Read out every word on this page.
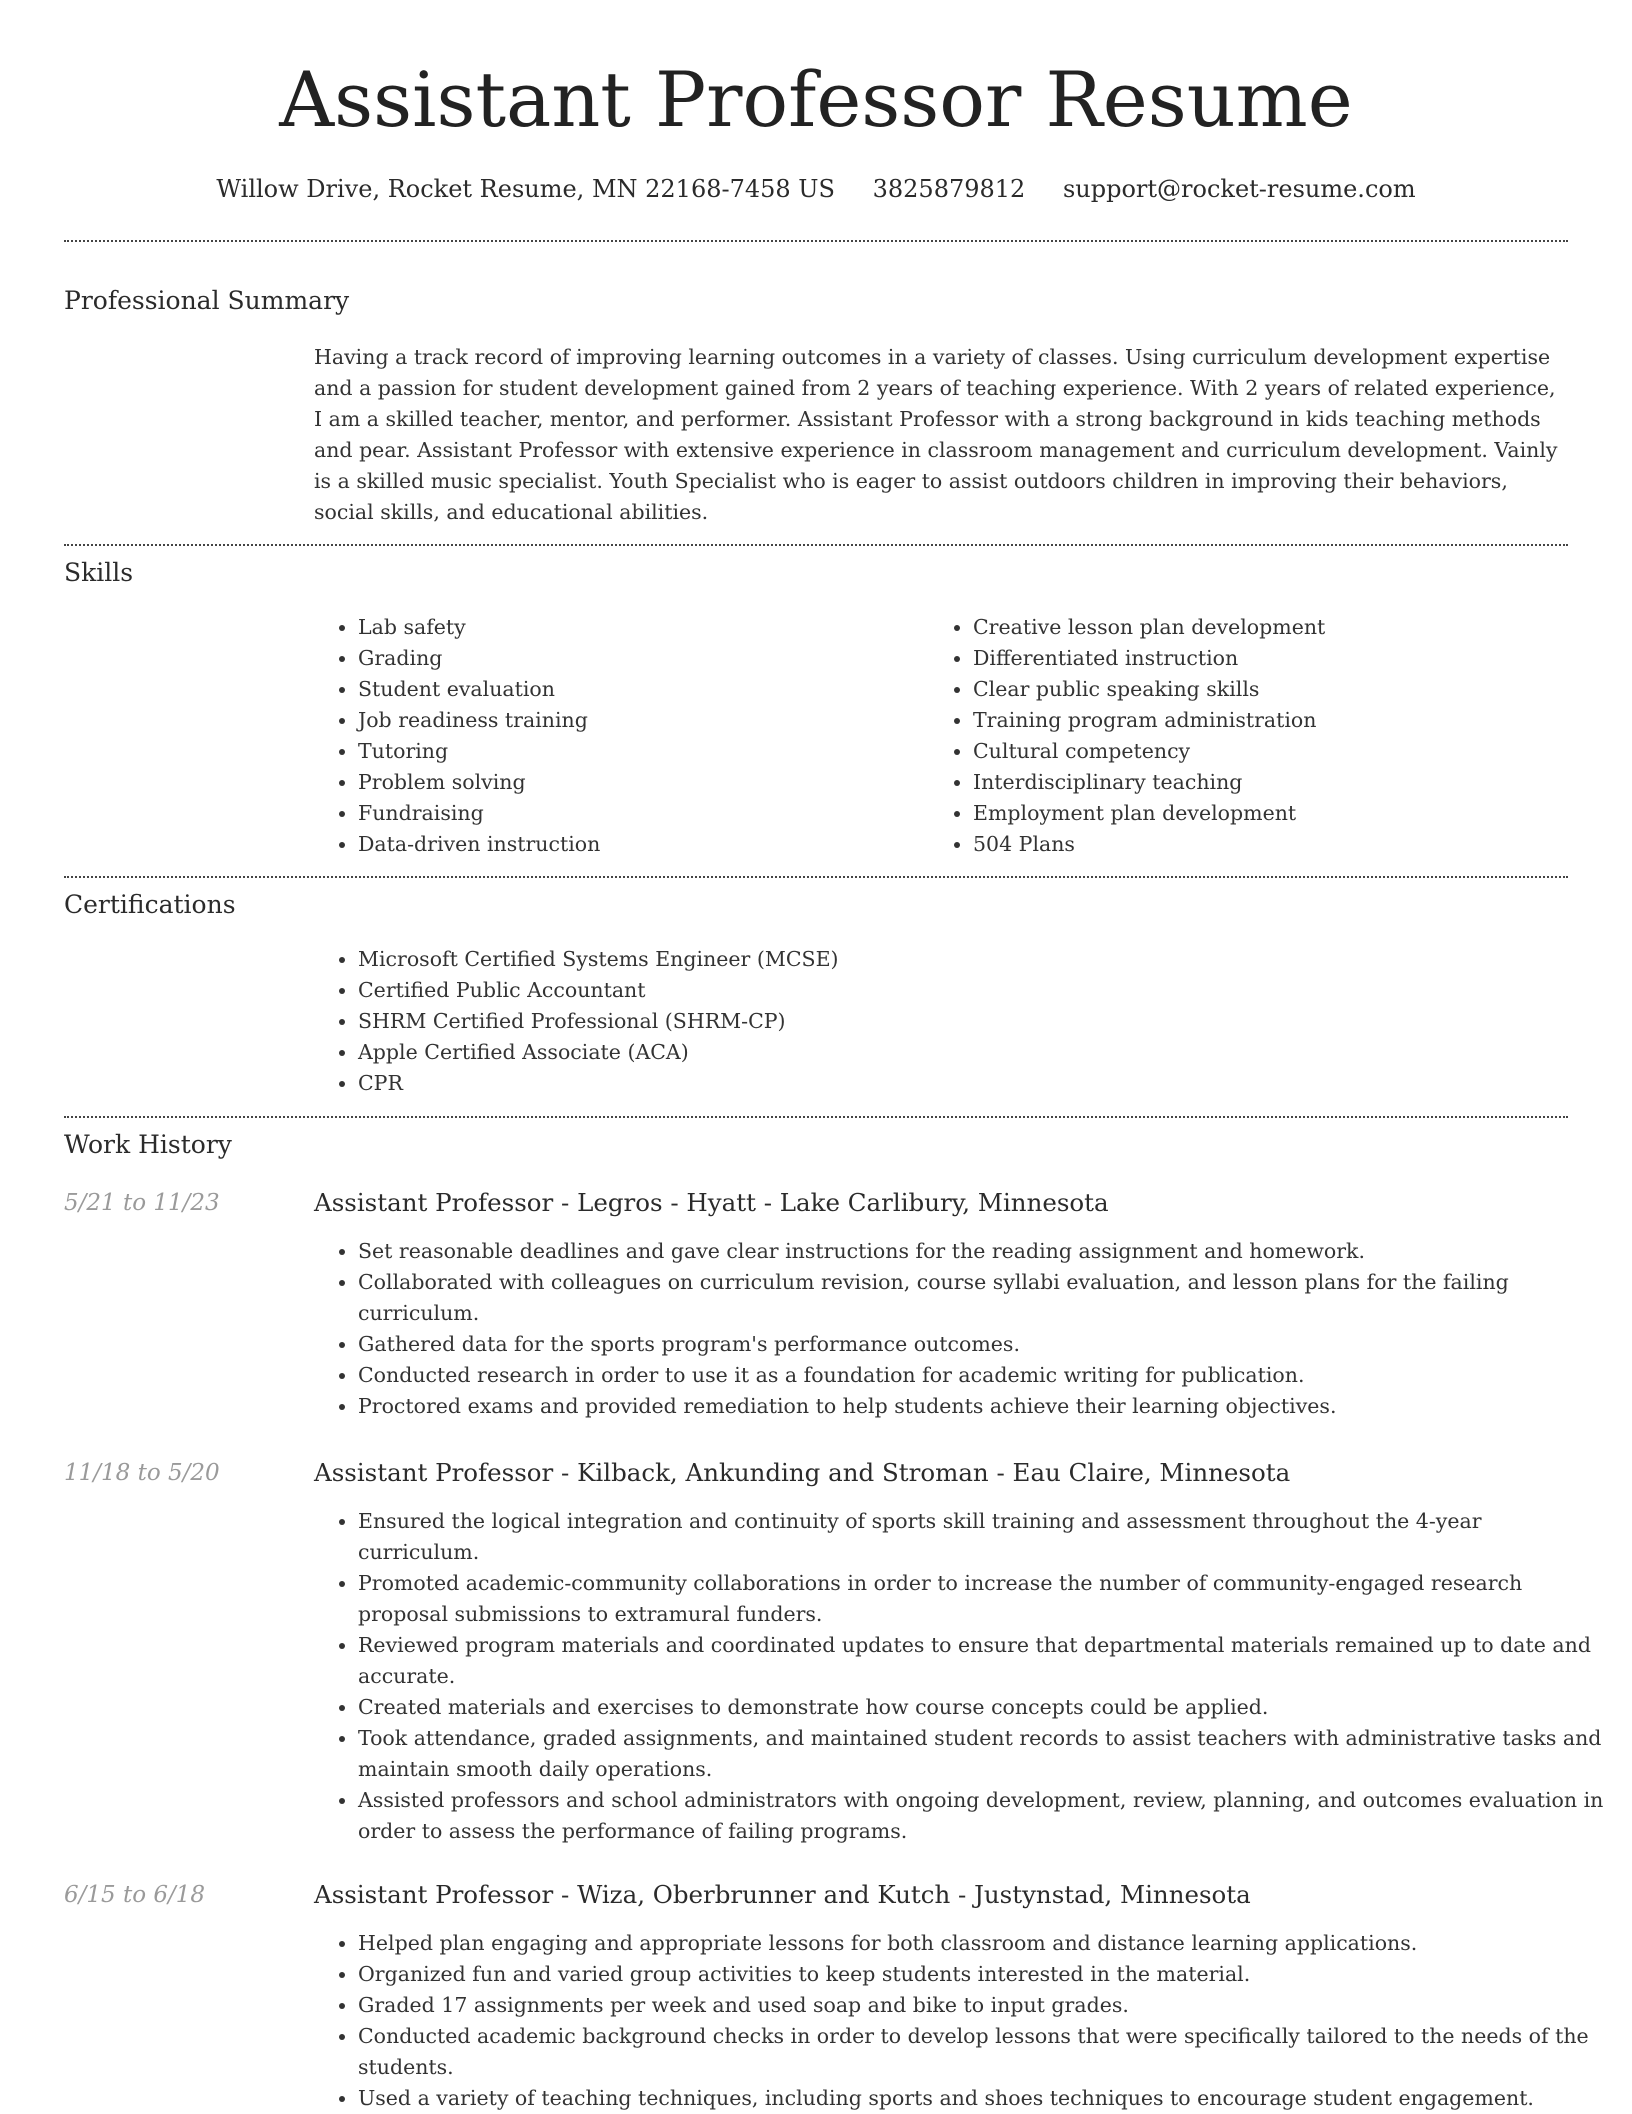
Assistant Professor Resume
Willow Drive, Rocket Resume, MN 22168-7458 US 3825879812 support@rocket-resume.com
Professional Summary

Having a track record of improving learning outcomes in a variety of classes. Using curriculum development expertise and a passion for student development gained from 2 years of teaching experience. With 2 years of related experience, I am a skilled teacher, mentor, and performer. Assistant Professor with a strong background in kids teaching methods and pear. Assistant Professor with extensive experience in classroom management and curriculum development. Vainly is a skilled music specialist. Youth Specialist who is eager to assist outdoors children in improving their behaviors, social skills, and educational abilities.

Skills
• Lab safety
• Grading
• Student evaluation
• Job readiness training
• Tutoring
• Problem solving
• Fundraising
• Data-driven instruction
• Creative lesson plan development
• Differentiated instruction
• Clear public speaking skills
• Training program administration
• Cultural competency
• Interdisciplinary teaching
• Employment plan development
• 504 Plans
Certifications
• Microsoft Certified Systems Engineer (MCSE)
• Certified Public Accountant
• SHRM Certified Professional (SHRM-CP)
• Apple Certified Associate (ACA)
• CPR
Work History
5/21 to 11/23	Assistant Professor - Legros - Hyatt - Lake Carlibury, Minnesota
• Set reasonable deadlines and gave clear instructions for the reading assignment and homework.
• Collaborated with colleagues on curriculum revision, course syllabi evaluation, and lesson plans for the failing curriculum.
• Gathered data for the sports program's performance outcomes.
• Conducted research in order to use it as a foundation for academic writing for publication.
• Proctored exams and provided remediation to help students achieve their learning objectives.
11/18 to 5/20	Assistant Professor - Kilback, Ankunding and Stroman - Eau Claire, Minnesota
• Ensured the logical integration and continuity of sports skill training and assessment throughout the 4-year curriculum.
• Promoted academic-community collaborations in order to increase the number of community-engaged research proposal submissions to extramural funders.
• Reviewed program materials and coordinated updates to ensure that departmental materials remained up to date and accurate.
• Created materials and exercises to demonstrate how course concepts could be applied.
• Took attendance, graded assignments, and maintained student records to assist teachers with administrative tasks and maintain smooth daily operations.
• Assisted professors and school administrators with ongoing development, review, planning, and outcomes evaluation in order to assess the performance of failing programs.
6/15 to 6/18	Assistant Professor - Wiza, Oberbrunner and Kutch - Justynstad, Minnesota
• Helped plan engaging and appropriate lessons for both classroom and distance learning applications.
• Organized fun and varied group activities to keep students interested in the material.
• Graded 17 assignments per week and used soap and bike to input grades.
• Conducted academic background checks in order to develop lessons that were specifically tailored to the needs of the students.
• Used a variety of teaching techniques, including sports and shoes techniques to encourage student engagement.
